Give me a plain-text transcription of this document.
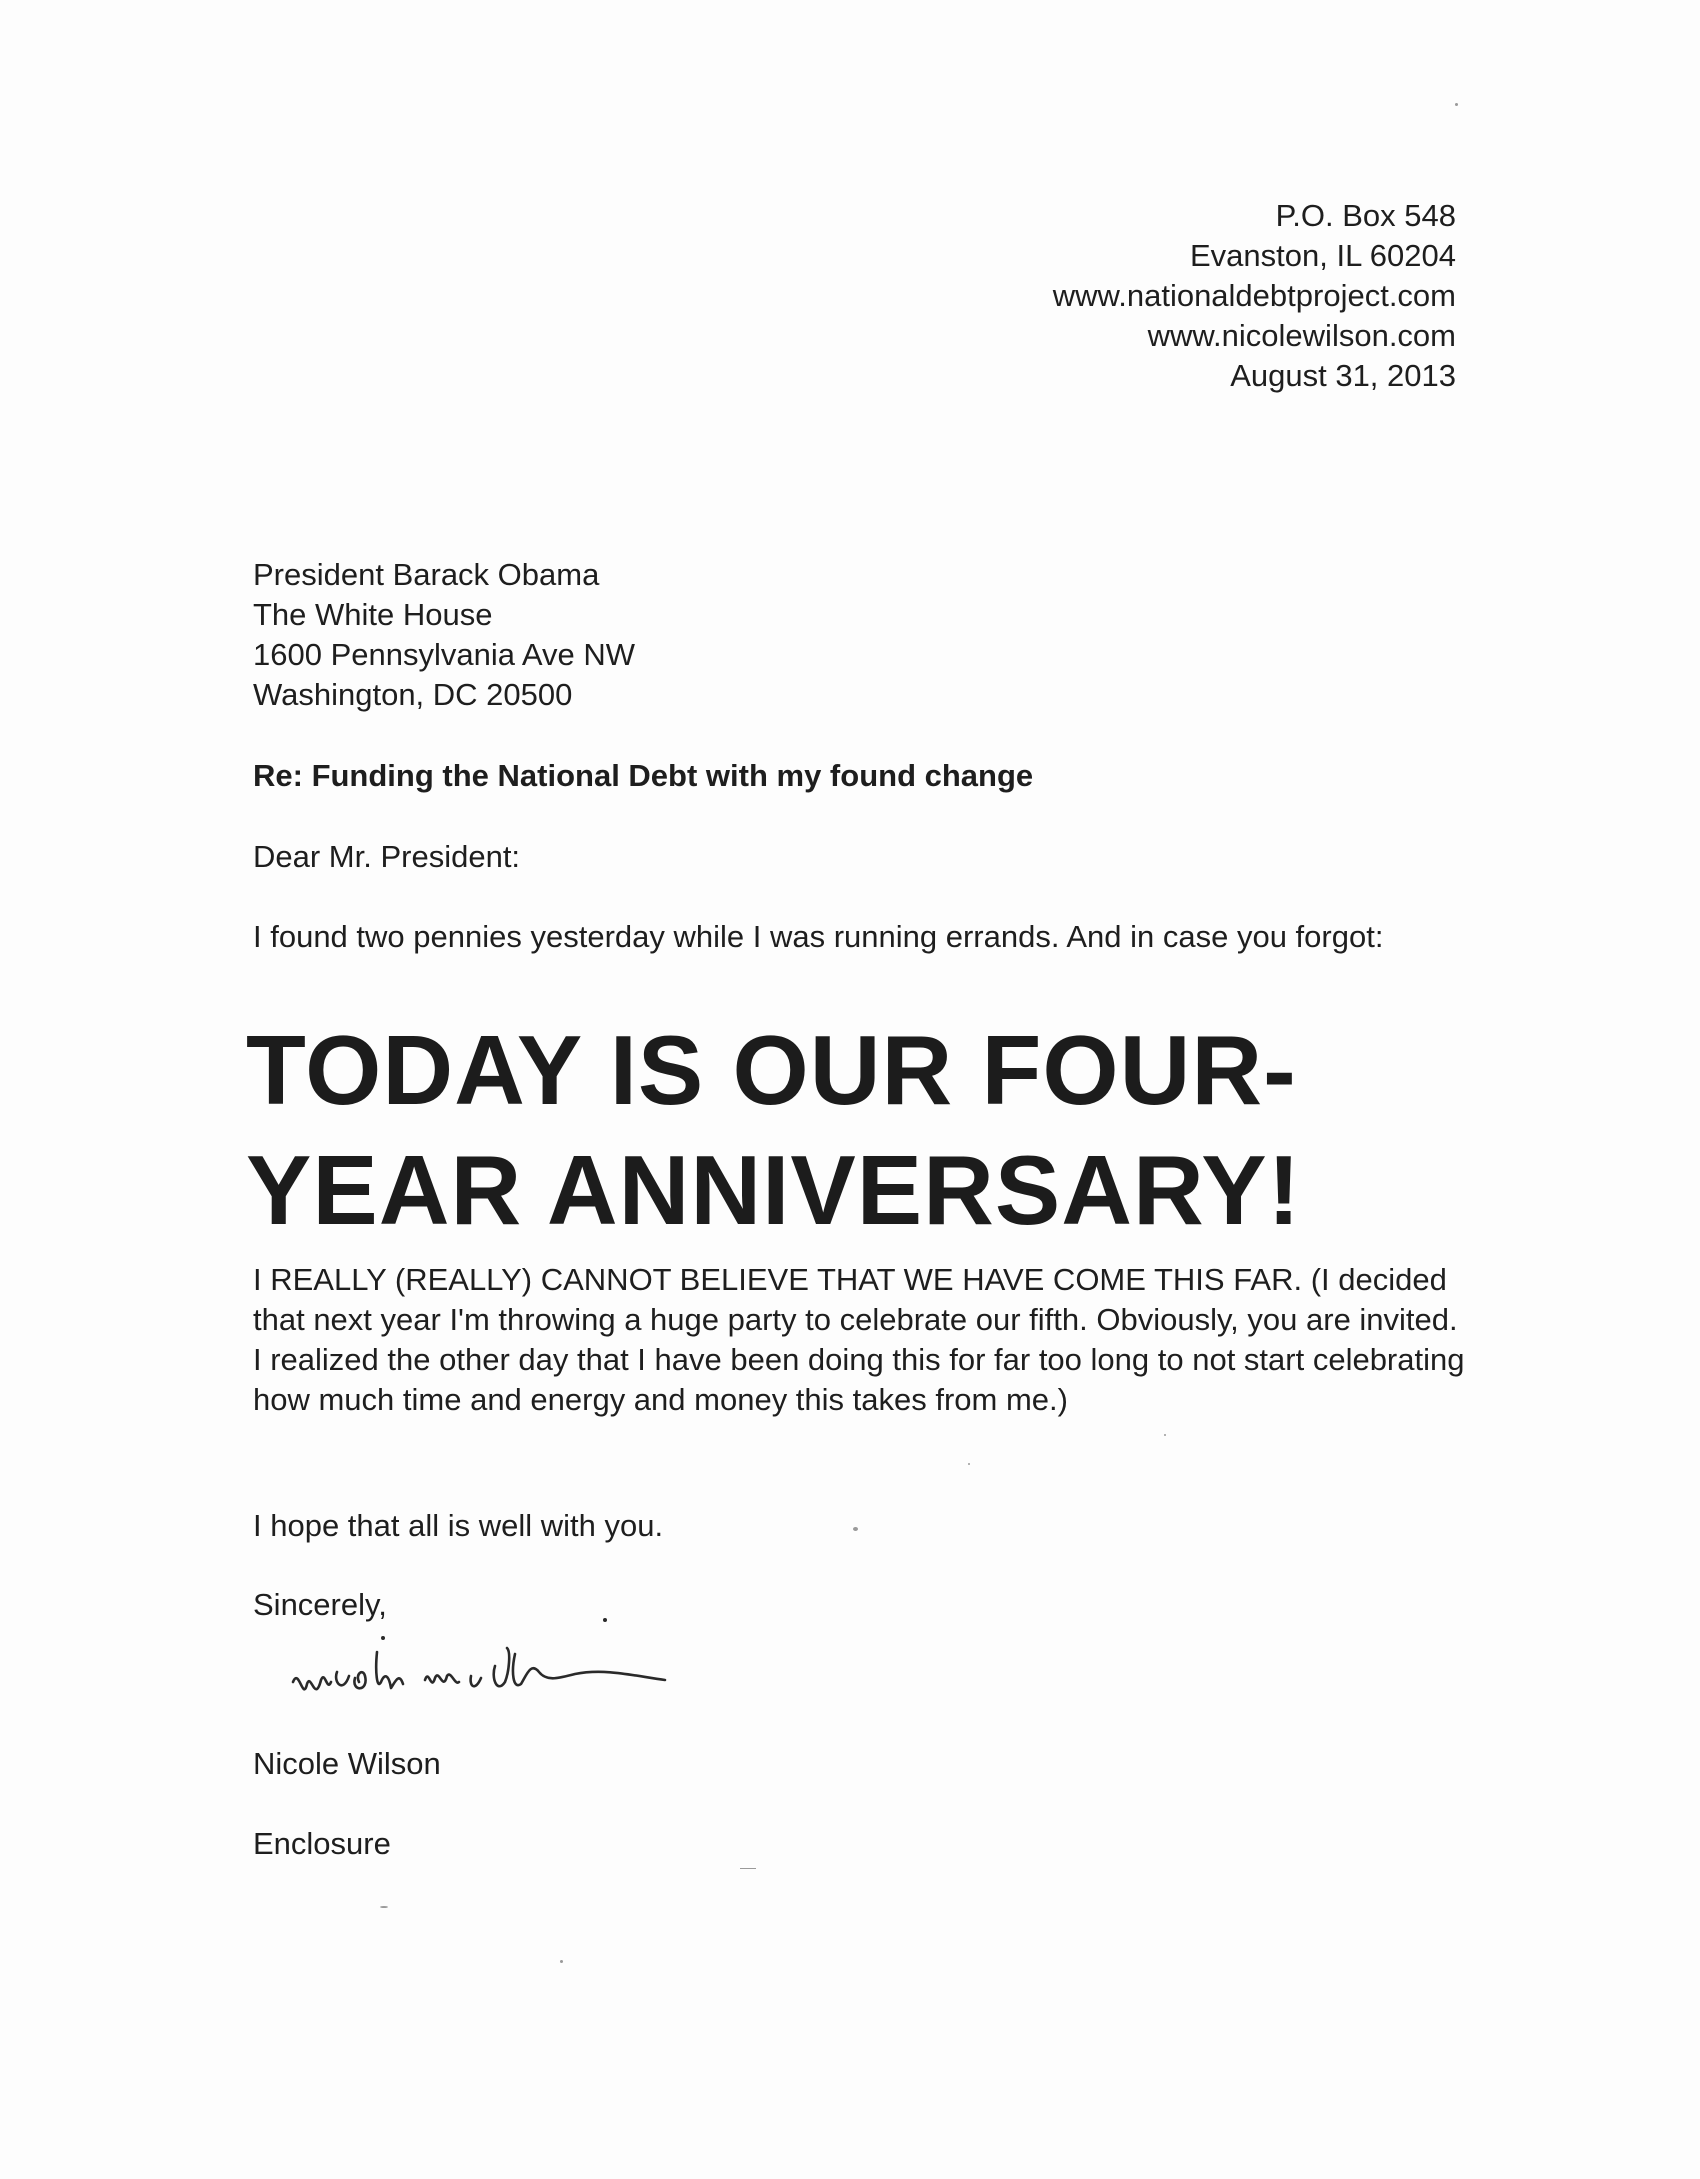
P.O. Box 548
Evanston, IL 60204
www.nationaldebtproject.com
www.nicolewilson.com
August 31, 2013
President Barack Obama
The White House
1600 Pennsylvania Ave NW
Washington, DC 20500
Re: Funding the National Debt with my found change
Dear Mr. President:
I found two pennies yesterday while I was running errands. And in case you forgot:
TODAY IS OUR FOUR-YEAR ANNIVERSARY!
I REALLY (REALLY) CANNOT BELIEVE THAT WE HAVE COME THIS FAR. (I decided that next year I'm throwing a huge party to celebrate our fifth. Obviously, you are invited. I realized the other day that I have been doing this for far too long to not start celebrating how much time and energy and money this takes from me.)
I hope that all is well with you.
Sincerely,
Nicole Wilson
Enclosure
